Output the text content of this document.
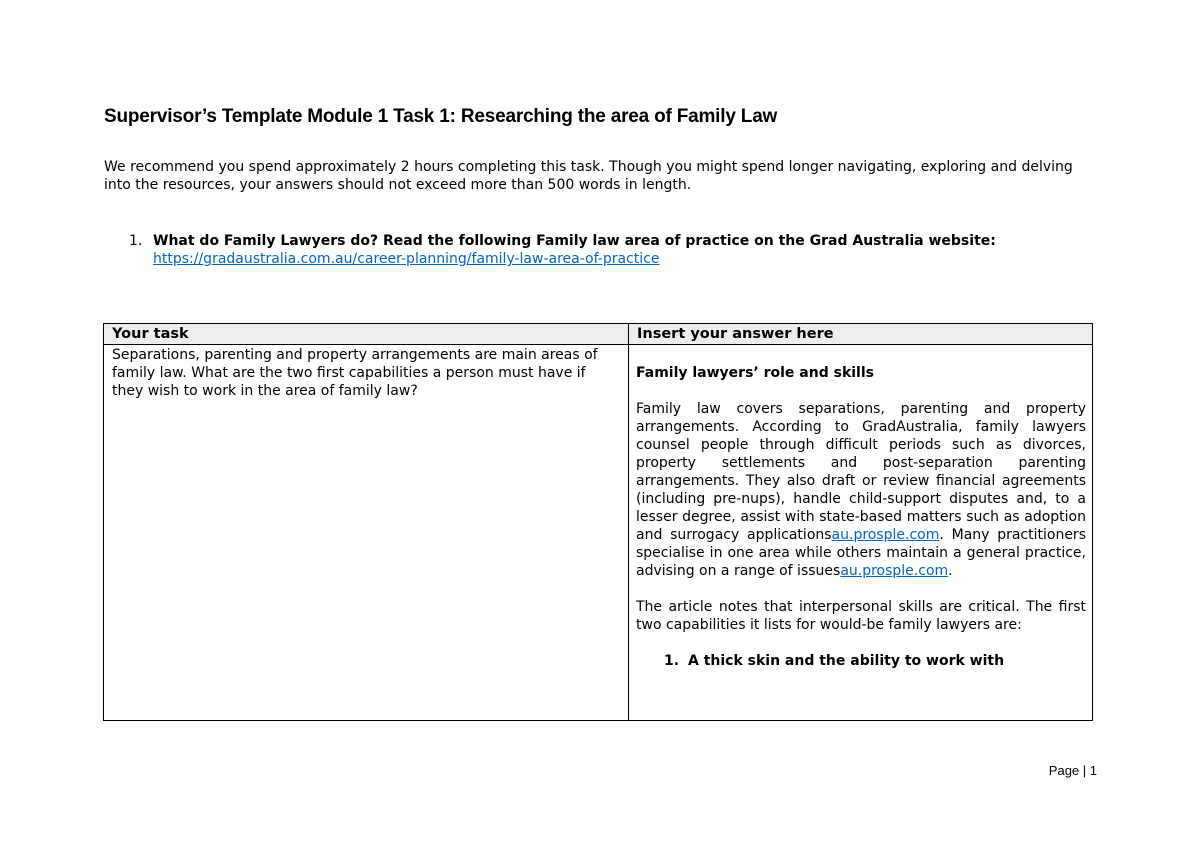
Supervisor’s Template Module 1 Task 1: Researching the area of Family Law

We recommend you spend approximately 2 hours completing this task. Though you might spend longer navigating, exploring and delving into the resources, your answers should not exceed more than 500 words in length.

1. What do Family Lawyers do? Read the following Family law area of practice on the Grad Australia website:
https://gradaustralia.com.au/career-planning/family-law-area-of-practice
Your task	Insert your answer here
Separations, parenting and property arrangements are main areas of family law. What are the two first capabilities a person must have if they wish to work in the area of family law?
Family lawyers’ role and skills

Family law covers separations, parenting and property arrangements. According to GradAustralia, family lawyers counsel people through difficult periods such as divorces, property settlements and post-separation parenting arrangements. They also draft or review financial agreements (including pre-nups), handle child-support disputes and, to a lesser degree, assist with state-based matters such as adoption and surrogacy applicationsau.prosple.com. Many practitioners specialise in one area while others maintain a general practice, advising on a range of issuesau.prosple.com.

The article notes that interpersonal skills are critical. The first two capabilities it lists for would-be family lawyers are:

1. A thick skin and the ability to work with
Page | 1
